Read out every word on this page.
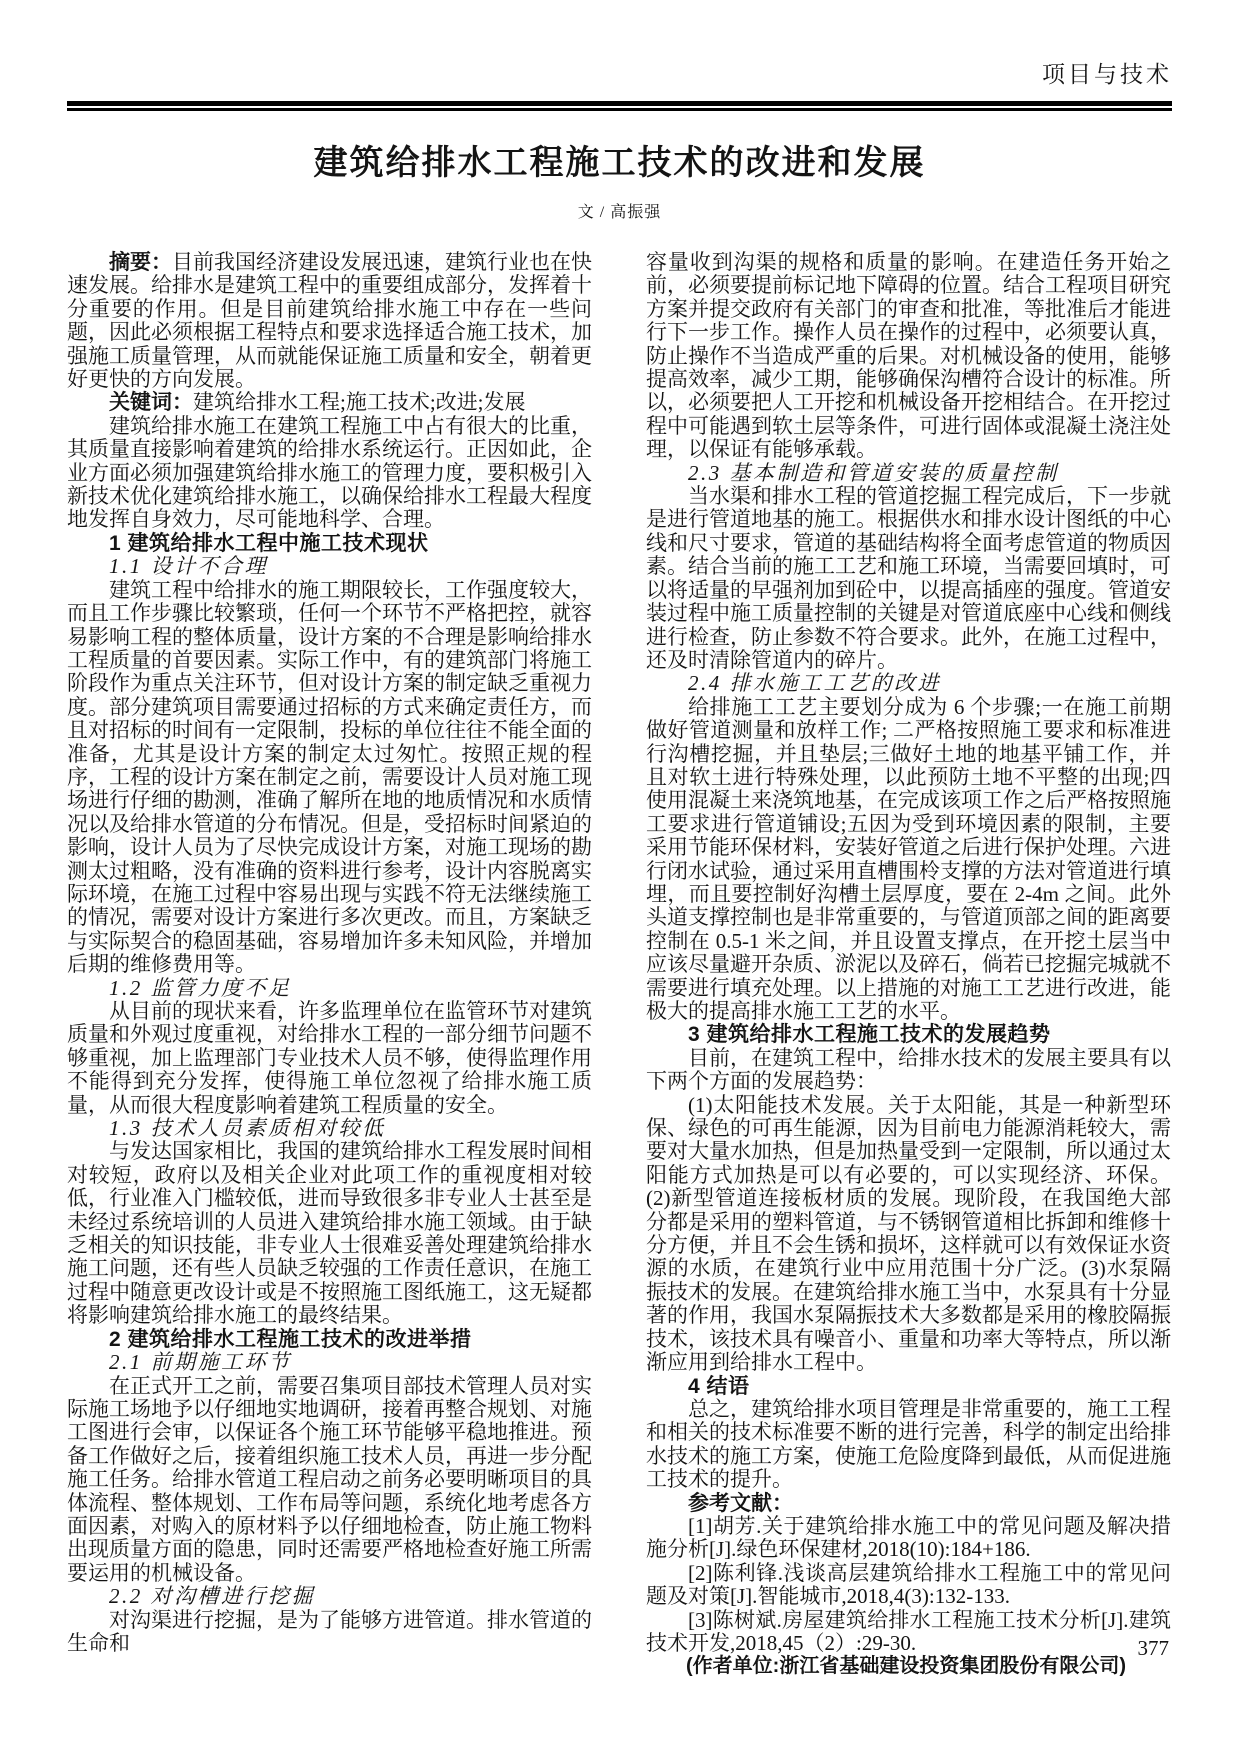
项目与技术
建筑给排水工程施工技术的改进和发展
文 / 高振强

摘要：目前我国经济建设发展迅速，建筑行业也在快速发展。给排水是建筑工程中的重要组成部分，发挥着十分重要的作用。但是目前建筑给排水施工中存在一些问题，因此必须根据工程特点和要求选择适合施工技术，加强施工质量管理，从而就能保证施工质量和安全，朝着更好更快的方向发展。

关键词：建筑给排水工程;施工技术;改进;发展

建筑给排水施工在建筑工程施工中占有很大的比重，其质量直接影响着建筑的给排水系统运行。正因如此，企业方面必须加强建筑给排水施工的管理力度，要积极引入新技术优化建筑给排水施工，以确保给排水工程最大程度地发挥自身效力，尽可能地科学、合理。

1 建筑给排水工程中施工技术现状

1.1 设计不合理

建筑工程中给排水的施工期限较长，工作强度较大，而且工作步骤比较繁琐，任何一个环节不严格把控，就容易影响工程的整体质量，设计方案的不合理是影响给排水工程质量的首要因素。实际工作中，有的建筑部门将施工阶段作为重点关注环节，但对设计方案的制定缺乏重视力度。部分建筑项目需要通过招标的方式来确定责任方，而且对招标的时间有一定限制，投标的单位往往不能全面的准备，尤其是设计方案的制定太过匆忙。按照正规的程序，工程的设计方案在制定之前，需要设计人员对施工现场进行仔细的勘测，准确了解所在地的地质情况和水质情况以及给排水管道的分布情况。但是，受招标时间紧迫的影响，设计人员为了尽快完成设计方案，对施工现场的勘测太过粗略，没有准确的资料进行参考，设计内容脱离实际环境，在施工过程中容易出现与实践不符无法继续施工的情况，需要对设计方案进行多次更改。而且，方案缺乏与实际契合的稳固基础，容易增加许多未知风险，并增加后期的维修费用等。

1.2 监管力度不足

从目前的现状来看，许多监理单位在监管环节对建筑质量和外观过度重视，对给排水工程的一部分细节问题不够重视，加上监理部门专业技术人员不够，使得监理作用不能得到充分发挥，使得施工单位忽视了给排水施工质量，从而很大程度影响着建筑工程质量的安全。

1.3 技术人员素质相对较低

与发达国家相比，我国的建筑给排水工程发展时间相对较短，政府以及相关企业对此项工作的重视度相对较低，行业准入门槛较低，进而导致很多非专业人士甚至是未经过系统培训的人员进入建筑给排水施工领域。由于缺乏相关的知识技能，非专业人士很难妥善处理建筑给排水施工问题，还有些人员缺乏较强的工作责任意识，在施工过程中随意更改设计或是不按照施工图纸施工，这无疑都将影响建筑给排水施工的最终结果。

2 建筑给排水工程施工技术的改进举措

2.1 前期施工环节

在正式开工之前，需要召集项目部技术管理人员对实际施工场地予以仔细地实地调研，接着再整合规划、对施工图进行会审，以保证各个施工环节能够平稳地推进。预备工作做好之后，接着组织施工技术人员，再进一步分配施工任务。给排水管道工程启动之前务必要明晰项目的具体流程、整体规划、工作布局等问题，系统化地考虑各方面因素，对购入的原材料予以仔细地检查，防止施工物料出现质量方面的隐患，同时还需要严格地检查好施工所需要运用的机械设备。

2.2 对沟槽进行挖掘

对沟渠进行挖掘，是为了能够方进管道。排水管道的生命和

容量收到沟渠的规格和质量的影响。在建造任务开始之前，必须要提前标记地下障碍的位置。结合工程项目研究方案并提交政府有关部门的审查和批准，等批准后才能进行下一步工作。操作人员在操作的过程中，必须要认真，防止操作不当造成严重的后果。对机械设备的使用，能够提高效率，减少工期，能够确保沟槽符合设计的标准。所以，必须要把人工开挖和机械设备开挖相结合。在开挖过程中可能遇到软土层等条件，可进行固体或混凝土浇注处理，以保证有能够承载。

2.3 基本制造和管道安装的质量控制

当水渠和排水工程的管道挖掘工程完成后，下一步就是进行管道地基的施工。根据供水和排水设计图纸的中心线和尺寸要求，管道的基础结构将全面考虑管道的物质因素。结合当前的施工工艺和施工环境，当需要回填时，可以将适量的早强剂加到砼中，以提高插座的强度。管道安装过程中施工质量控制的关键是对管道底座中心线和侧线进行检查，防止参数不符合要求。此外，在施工过程中，还及时清除管道内的碎片。

2.4 排水施工工艺的改进

给排施工工艺主要划分成为 6 个步骤;一在施工前期做好管道测量和放样工作; 二严格按照施工要求和标准进行沟槽挖掘，并且垫层;三做好土地的地基平铺工作，并且对软土进行特殊处理，以此预防土地不平整的出现;四使用混凝土来浇筑地基，在完成该项工作之后严格按照施工要求进行管道铺设;五因为受到环境因素的限制，主要采用节能环保材料，安装好管道之后进行保护处理。六进行闭水试验，通过采用直槽围柃支撑的方法对管道进行填埋，而且要控制好沟槽土层厚度，要在 2-4m 之间。此外头道支撑控制也是非常重要的，与管道顶部之间的距离要控制在 0.5-1 米之间，并且设置支撑点，在开挖土层当中应该尽量避开杂质、淤泥以及碎石，倘若已挖掘完城就不需要进行填充处理。以上措施的对施工工艺进行改进，能极大的提高排水施工工艺的水平。

3 建筑给排水工程施工技术的发展趋势

目前，在建筑工程中，给排水技术的发展主要具有以下两个方面的发展趋势：

(1)太阳能技术发展。关于太阳能，其是一种新型环保、绿色的可再生能源，因为目前电力能源消耗较大，需要对大量水加热，但是加热量受到一定限制，所以通过太阳能方式加热是可以有必要的，可以实现经济、环保。(2)新型管道连接板材质的发展。现阶段，在我国绝大部分都是采用的塑料管道，与不锈钢管道相比拆卸和维修十分方便，并且不会生锈和损坏，这样就可以有效保证水资源的水质，在建筑行业中应用范围十分广泛。(3)水泵隔振技术的发展。在建筑给排水施工当中，水泵具有十分显著的作用，我国水泵隔振技术大多数都是采用的橡胶隔振技术，该技术具有噪音小、重量和功率大等特点，所以渐渐应用到给排水工程中。

4 结语

总之，建筑给排水项目管理是非常重要的，施工工程和相关的技术标准要不断的进行完善，科学的制定出给排水技术的施工方案，使施工危险度降到最低，从而促进施工技术的提升。

参考文献：

[1]胡芳.关于建筑给排水施工中的常见问题及解决措施分析[J].绿色环保建材,2018(10):184+186.

[2]陈利锋.浅谈高层建筑给排水工程施工中的常见问题及对策[J].智能城市,2018,4(3):132-133.

[3]陈树斌.房屋建筑给排水工程施工技术分析[J].建筑技术开发,2018,45（2）:29-30.

(作者单位:浙江省基础建设投资集团股份有限公司)

377
